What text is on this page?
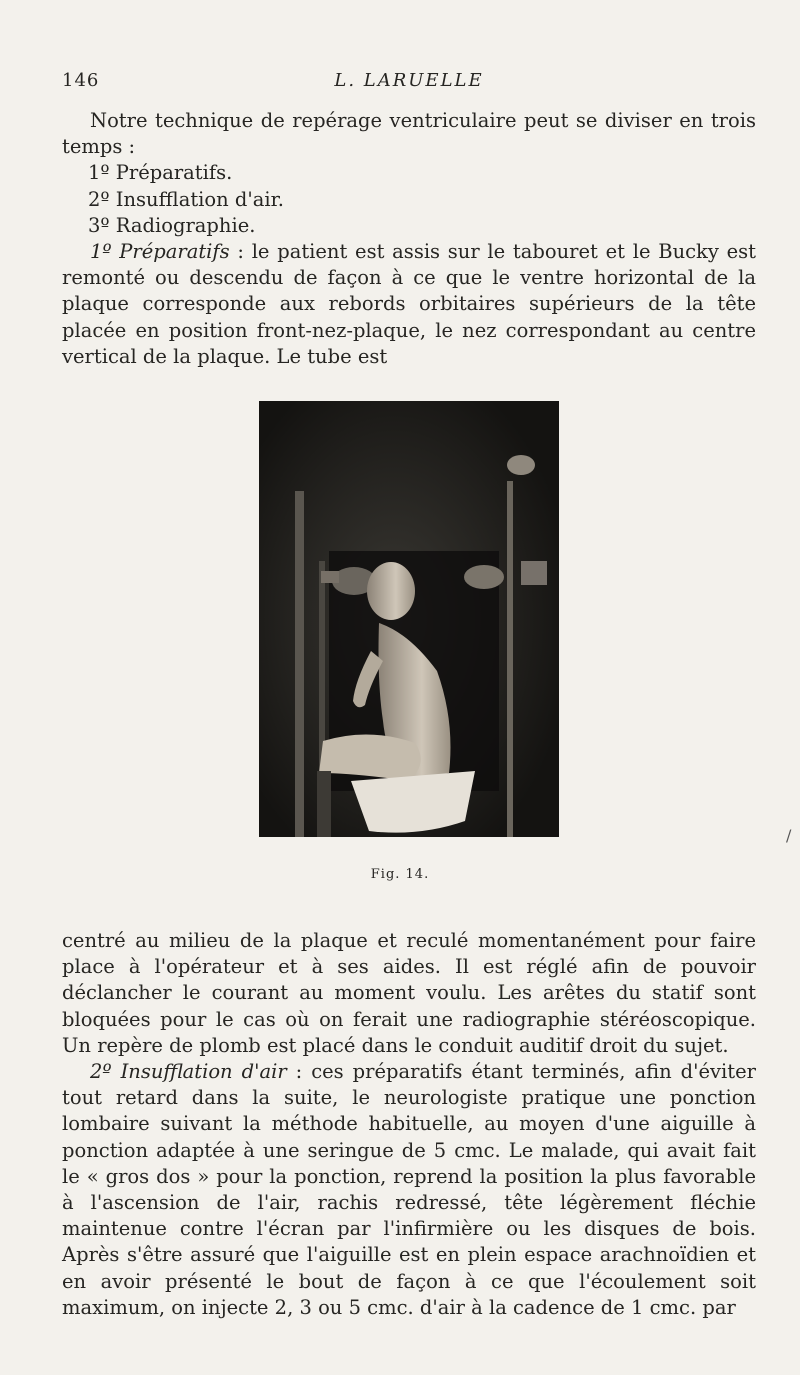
146	L. LARUELLE

Notre technique de repérage ventriculaire peut se diviser en trois temps :

1º Préparatifs.

2º Insufflation d'air.

3º Radiographie.

1º Préparatifs : le patient est assis sur le tabouret et le Bucky est remonté ou descendu de façon à ce que le ventre horizontal de la plaque corresponde aux rebords orbitaires supérieurs de la tête placée en position front-nez-plaque, le nez correspondant au centre vertical de la plaque. Le tube est

Fig. 14.
/

centré au milieu de la plaque et reculé momentanément pour faire place à l'opérateur et à ses aides. Il est réglé afin de pouvoir déclancher le courant au moment voulu. Les arêtes du statif sont bloquées pour le cas où on ferait une radiographie stéréoscopique. Un repère de plomb est placé dans le conduit auditif droit du sujet.

2º Insufflation d'air : ces préparatifs étant terminés, afin d'éviter tout retard dans la suite, le neurologiste pratique une ponction lombaire suivant la méthode habituelle, au moyen d'une aiguille à ponction adaptée à une seringue de 5 cmc. Le malade, qui avait fait le « gros dos » pour la ponction, reprend la position la plus favorable à l'ascension de l'air, rachis redressé, tête légèrement fléchie maintenue contre l'écran par l'infirmière ou les disques de bois. Après s'être assuré que l'aiguille est en plein espace arachnoïdien et en avoir présenté le bout de façon à ce que l'écoulement soit maximum, on injecte 2, 3 ou 5 cmc. d'air à la cadence de 1 cmc. par
